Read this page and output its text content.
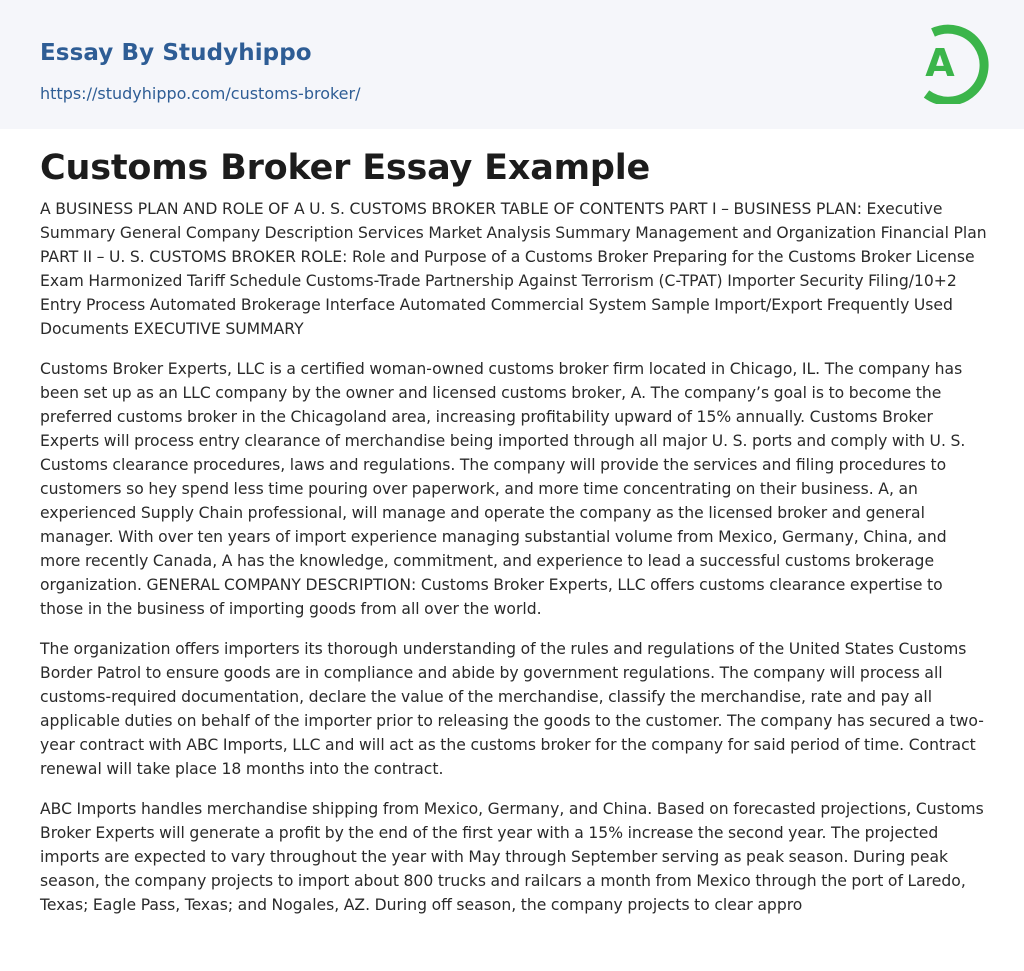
Essay By Studyhippo
https://studyhippo.com/customs-broker/
A
Customs Broker Essay Example

A BUSINESS PLAN AND ROLE OF A U. S. CUSTOMS BROKER TABLE OF CONTENTS PART I – BUSINESS PLAN: Executive Summary General Company Description Services Market Analysis Summary Management and Organization Financial Plan PART II – U. S. CUSTOMS BROKER ROLE: Role and Purpose of a Customs Broker Preparing for the Customs Broker License Exam Harmonized Tariff Schedule Customs-Trade Partnership Against Terrorism (C-TPAT) Importer Security Filing/10+2 Entry Process Automated Brokerage Interface Automated Commercial System Sample Import/Export Frequently Used Documents EXECUTIVE SUMMARY

Customs Broker Experts, LLC is a certified woman-owned customs broker firm located in Chicago, IL. The company has been set up as an LLC company by the owner and licensed customs broker, A. The company’s goal is to become the preferred customs broker in the Chicagoland area, increasing profitability upward of 15% annually. Customs Broker Experts will process entry clearance of merchandise being imported through all major U. S. ports and comply with U. S. Customs clearance procedures, laws and regulations. The company will provide the services and filing procedures to customers so hey spend less time pouring over paperwork, and more time concentrating on their business. A, an experienced Supply Chain professional, will manage and operate the company as the licensed broker and general manager. With over ten years of import experience managing substantial volume from Mexico, Germany, China, and more recently Canada, A has the knowledge, commitment, and experience to lead a successful customs brokerage organization. GENERAL COMPANY DESCRIPTION: Customs Broker Experts, LLC offers customs clearance expertise to those in the business of importing goods from all over the world.

The organization offers importers its thorough understanding of the rules and regulations of the United States Customs Border Patrol to ensure goods are in compliance and abide by government regulations. The company will process all customs-required documentation, declare the value of the merchandise, classify the merchandise, rate and pay all applicable duties on behalf of the importer prior to releasing the goods to the customer. The company has secured a two-year contract with ABC Imports, LLC and will act as the customs broker for the company for said period of time. Contract renewal will take place 18 months into the contract.

ABC Imports handles merchandise shipping from Mexico, Germany, and China. Based on forecasted projections, Customs Broker Experts will generate a profit by the end of the first year with a 15% increase the second year. The projected imports are expected to vary throughout the year with May through September serving as peak season. During peak season, the company projects to import about 800 trucks and railcars a month from Mexico through the port of Laredo, Texas; Eagle Pass, Texas; and Nogales, AZ. During off season, the company projects to clear appro
